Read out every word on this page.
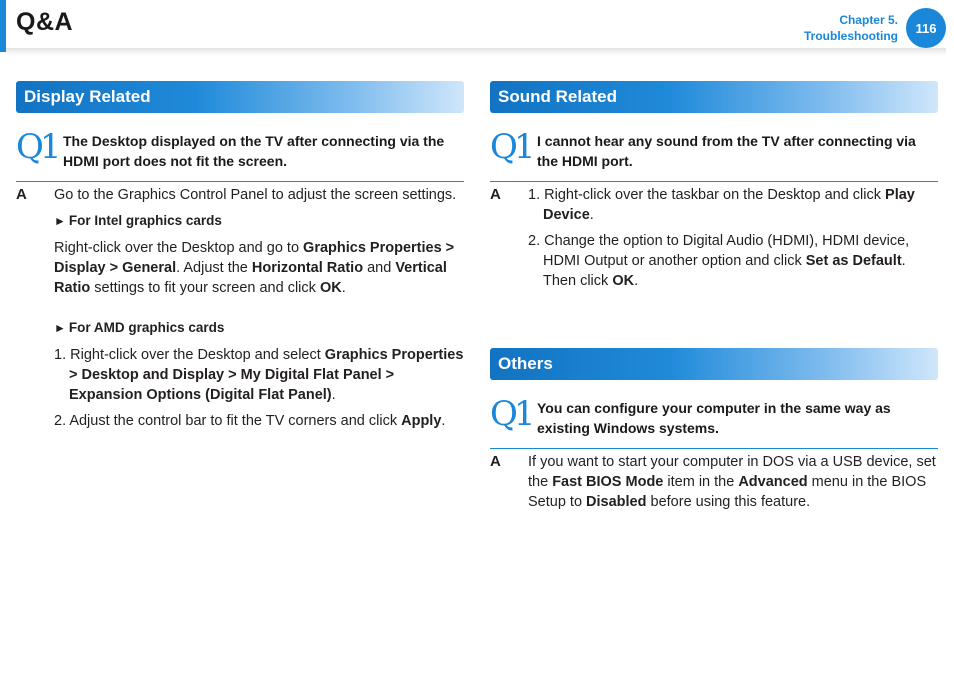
Q&A	Chapter 5.
Troubleshooting
116
Display Related
Q1 The Desktop displayed on the TV after connecting via the HDMI port does not fit the screen.
A Go to the Graphics Control Panel to adjust the screen settings.

► For Intel graphics cards

Right-click over the Desktop and go to Graphics Properties > Display > General. Adjust the Horizontal Ratio and Vertical Ratio settings to fit your screen and click OK.

► For AMD graphics cards

1. Right-click over the Desktop and select Graphics Properties > Desktop and Display > My Digital Flat Panel > Expansion Options (Digital Flat Panel).

2. Adjust the control bar to fit the TV corners and click Apply.

Sound Related
Q1 I cannot hear any sound from the TV after connecting via the HDMI port.
A 1. Right-click over the taskbar on the Desktop and click Play Device.

2. Change the option to Digital Audio (HDMI), HDMI device, HDMI Output or another option and click Set as Default. Then click OK.

Others
Q1 You can configure your computer in the same way as existing Windows systems.
A If you want to start your computer in DOS via a USB device, set the Fast BIOS Mode item in the Advanced menu in the BIOS Setup to Disabled before using this feature.
